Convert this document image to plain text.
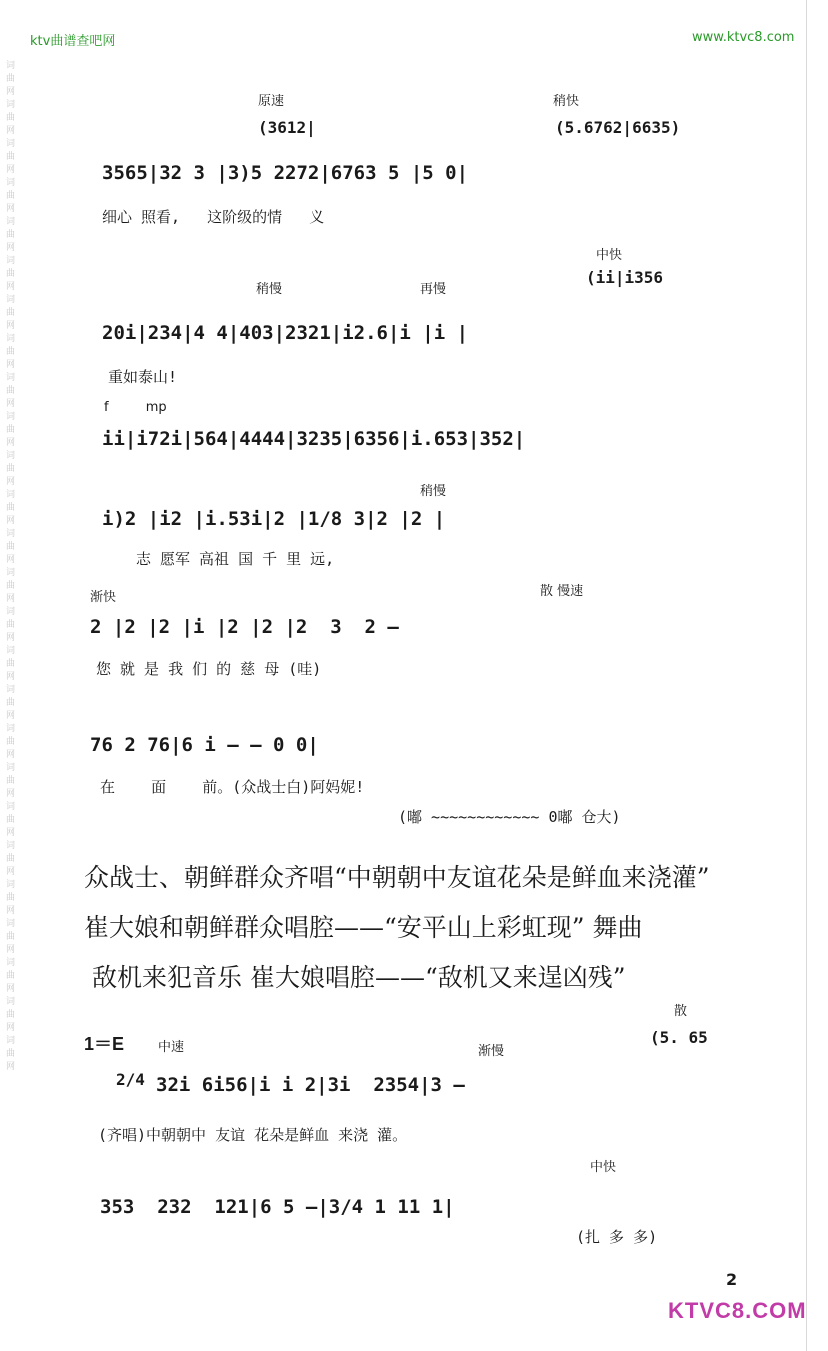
ktv曲谱查吧网	www.ktvc8.com
词曲网词曲网词曲网词曲网词曲网词曲网词曲网词曲网词曲网词曲网词曲网词曲网词曲网词曲网词曲网词曲网词曲网词曲网词曲网词曲网词曲网词曲网词曲网词曲网词曲网词曲网
原速	稍快
(3612|	(5.6762|6635)
3565|32 3 |3)5 2272|6763 5 |5 0|
细心 照看,   这阶级的情   义
稍慢	再慢
中快
(ii|i356
20i|234|4 4|403|2321|i2.6|i |i |
重如泰山!
f         mp
ii|i72i|564|4444|3235|6356|i.653|352|
稍慢
i)2 |i2 |i.53i|2 |1/8 3|2 |2 |
志 愿军 高祖 国 千 里 远,
渐快	散 慢速
2 |2 |2 |i |2 |2 |2  3  2 —
您 就 是 我 们 的 慈 母 (哇)
76 2 76|6 i — — 0 0|
在    面    前。(众战士白)阿妈妮!
(嘟 ~~~~~~~~~~~~ 0嘟 仓大)
众战士、朝鲜群众齐唱“中朝朝中友谊花朵是鲜血来浇灌”
崔大娘和朝鲜群众唱腔——“安平山上彩虹现” 舞曲
敌机来犯音乐 崔大娘唱腔——“敌机又来逞凶残”
1＝E	中速	渐慢
散
(5. 65
2/4 32i 6i56|i i 2|3i  2354|3 —
(齐唱)中朝朝中 友谊 花朵是鲜血 来浇 灌。
中快
353  232  121|6 5 —|3/4 1 11 1|
(扎 多 多)
2
KTVC8.COM
